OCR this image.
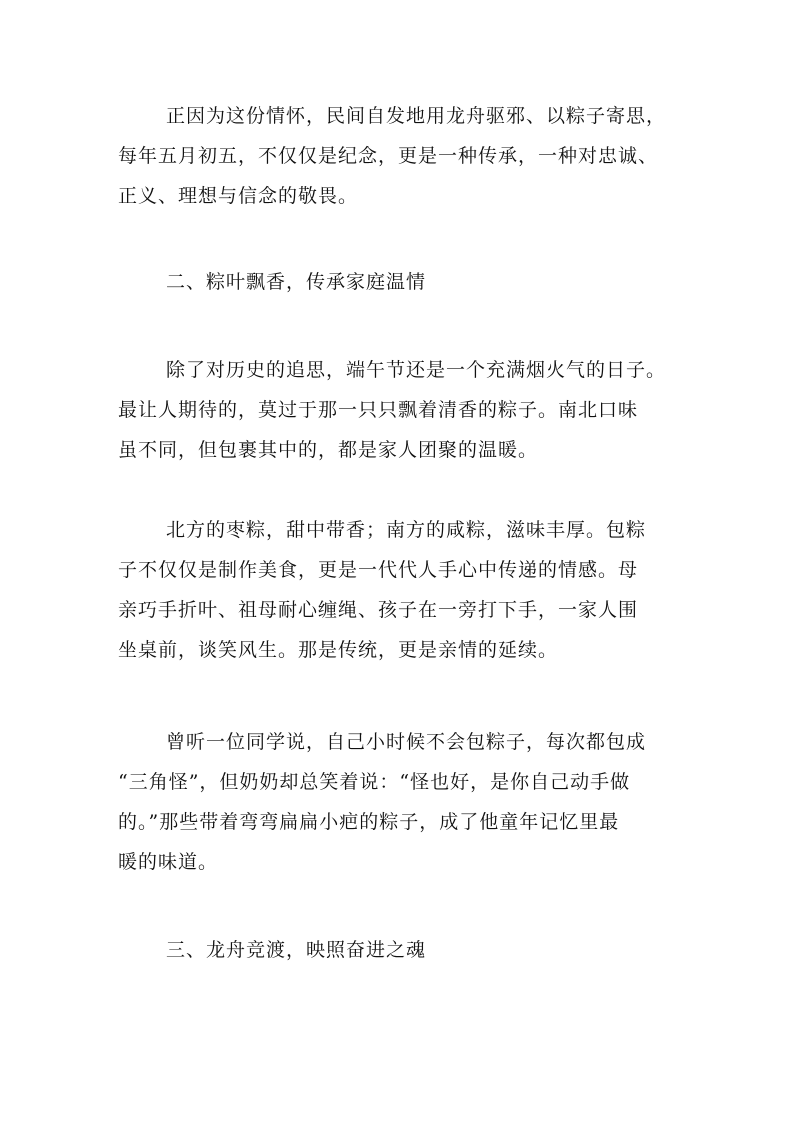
正因为这份情怀，民间自发地用龙舟驱邪、以粽子寄思，
每年五月初五，不仅仅是纪念，更是一种传承，一种对忠诚、
正义、理想与信念的敬畏。

二、粽叶飘香，传承家庭温情

除了对历史的追思，端午节还是一个充满烟火气的日子。
最让人期待的，莫过于那一只只飘着清香的粽子。南北口味
虽不同，但包裹其中的，都是家人团聚的温暖。

北方的枣粽，甜中带香；南方的咸粽，滋味丰厚。包粽
子不仅仅是制作美食，更是一代代人手心中传递的情感。母
亲巧手折叶、祖母耐心缠绳、孩子在一旁打下手，一家人围
坐桌前，谈笑风生。那是传统，更是亲情的延续。

曾听一位同学说，自己小时候不会包粽子，每次都包成
“三角怪”，但奶奶却总笑着说：“怪也好，是你自己动手做
的。”那些带着弯弯扁扁小疤的粽子，成了他童年记忆里最
暖的味道。

三、龙舟竞渡，映照奋进之魂
